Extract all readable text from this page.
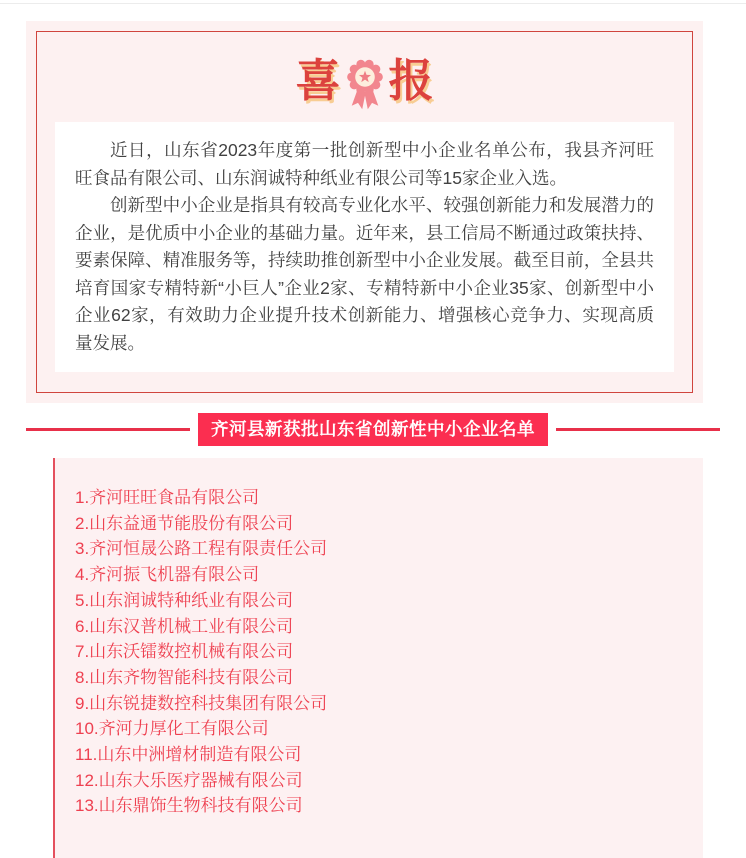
喜 报

近日，山东省2023年度第一批创新型中小企业名单公布，我县齐河旺旺食品有限公司、山东润诚特种纸业有限公司等15家企业入选。

创新型中小企业是指具有较高专业化水平、较强创新能力和发展潜力的企业，是优质中小企业的基础力量。近年来，县工信局不断通过政策扶持、要素保障、精准服务等，持续助推创新型中小企业发展。截至目前，全县共培育国家专精特新“小巨人”企业2家、专精特新中小企业35家、创新型中小企业62家，有效助力企业提升技术创新能力、增强核心竞争力、实现高质量发展。

齐河县新获批山东省创新性中小企业名单
1.齐河旺旺食品有限公司
2.山东益通节能股份有限公司
3.齐河恒晟公路工程有限责任公司
4.齐河振飞机器有限公司
5.山东润诚特种纸业有限公司
6.山东汉普机械工业有限公司
7.山东沃镭数控机械有限公司
8.山东齐物智能科技有限公司
9.山东锐捷数控科技集团有限公司
10.齐河力厚化工有限公司
11.山东中洲增材制造有限公司
12.山东大乐医疗器械有限公司
13.山东鼎饰生物科技有限公司
